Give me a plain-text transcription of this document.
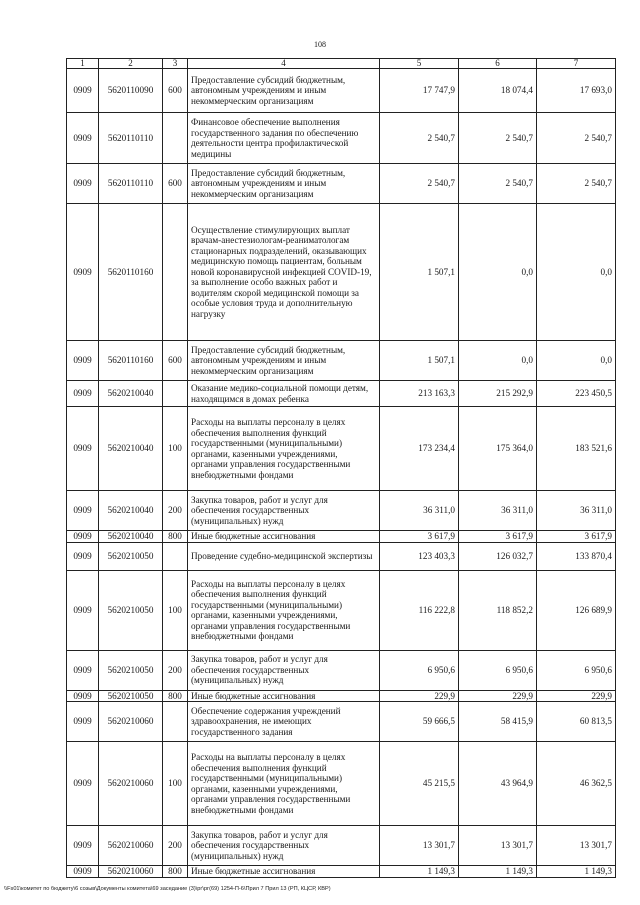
108
1	2	3	4	5	6	7
0909	5620110090	600	Предоставление субсидий бюджетным, автономным учреждениям и иным некоммерческим организациям	17 747,9	18 074,4	17 693,0
0909	5620110110		Финансовое обеспечение выполнения государственного задания по обеспечению деятельности центра профилактической медицины	2 540,7	2 540,7	2 540,7
0909	5620110110	600	Предоставление субсидий бюджетным, автономным учреждениям и иным некоммерческим организациям	2 540,7	2 540,7	2 540,7
0909	5620110160		Осуществление стимулирующих выплат врачам-анестезиологам-реаниматологам стационарных подразделений, оказывающих медицинскую помощь пациентам, больным новой коронавирусной инфекцией COVID-19, за выполнение особо важных работ и водителям скорой медицинской помощи за особые условия труда и дополнительную нагрузку	1 507,1	0,0	0,0
0909	5620110160	600	Предоставление субсидий бюджетным, автономным учреждениям и иным некоммерческим организациям	1 507,1	0,0	0,0
0909	5620210040		Оказание медико-социальной помощи детям, находящимся в домах ребенка	213 163,3	215 292,9	223 450,5
0909	5620210040	100	Расходы на выплаты персоналу в целях обеспечения выполнения функций государственными (муниципальными) органами, казенными учреждениями, органами управления государственными внебюджетными фондами	173 234,4	175 364,0	183 521,6
0909	5620210040	200	Закупка товаров, работ и услуг для обеспечения государственных (муниципальных) нужд	36 311,0	36 311,0	36 311,0
0909	5620210040	800	Иные бюджетные ассигнования	3 617,9	3 617,9	3 617,9
0909	5620210050		Проведение судебно-медицинской экспертизы	123 403,3	126 032,7	133 870,4
0909	5620210050	100	Расходы на выплаты персоналу в целях обеспечения выполнения функций государственными (муниципальными) органами, казенными учреждениями, органами управления государственными внебюджетными фондами	116 222,8	118 852,2	126 689,9
0909	5620210050	200	Закупка товаров, работ и услуг для обеспечения государственных (муниципальных) нужд	6 950,6	6 950,6	6 950,6
0909	5620210050	800	Иные бюджетные ассигнования	229,9	229,9	229,9
0909	5620210060		Обеспечение содержания учреждений здравоохранения, не имеющих государственного задания	59 666,5	58 415,9	60 813,5
0909	5620210060	100	Расходы на выплаты персоналу в целях обеспечения выполнения функций государственными (муниципальными) органами, казенными учреждениями, органами управления государственными внебюджетными фондами	45 215,5	43 964,9	46 362,5
0909	5620210060	200	Закупка товаров, работ и услуг для обеспечения государственных (муниципальных) нужд	13 301,7	13 301,7	13 301,7
0909	5620210060	800	Иные бюджетные ассигнования	1 149,3	1 149,3	1 149,3
\\Fs01\комитет по бюджету\6 созыв\Документы комитета\69 заседание (3)\рг\рг(69) 1254-П-6\Прил 7 Прил 13 (РП, КЦСР, КВР)
